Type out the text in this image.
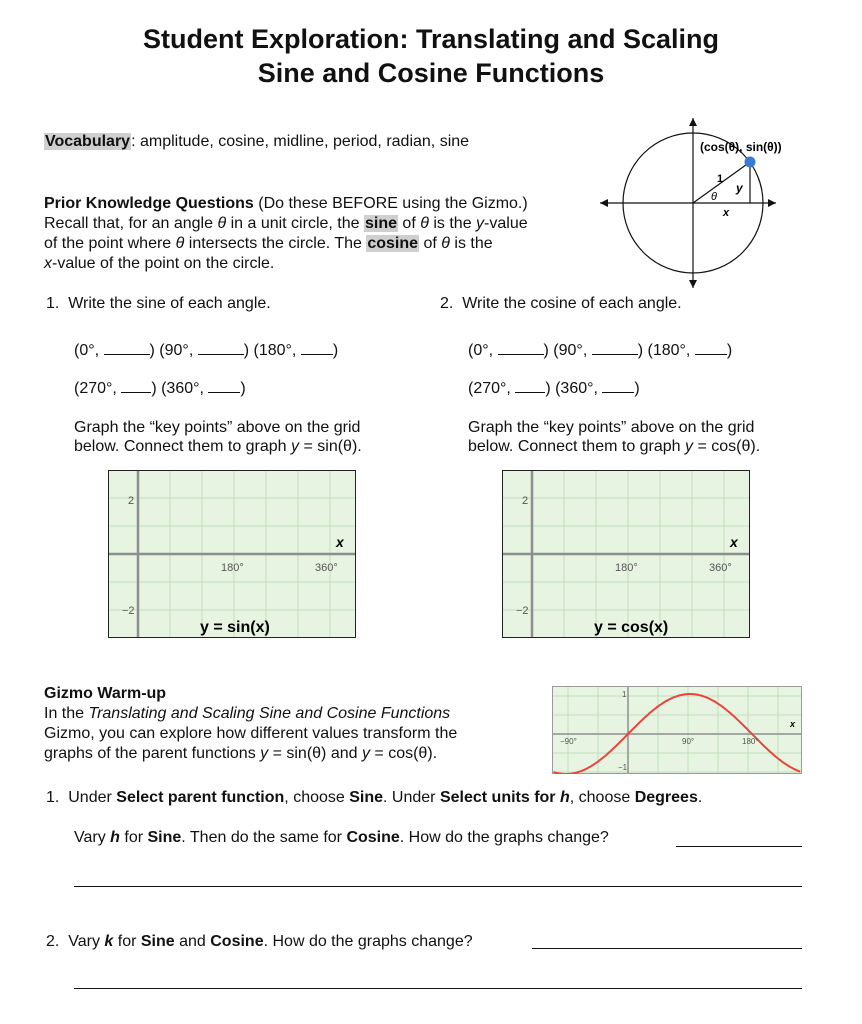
Student Exploration: Translating and Scaling
Sine and Cosine Functions
Vocabulary: amplitude, cosine, midline, period, radian, sine	(cos(θ), sin(θ))
1
y
θ
x
Prior Knowledge Questions (Do these BEFORE using the Gizmo.)
Recall that, for an angle θ in a unit circle, the sine of θ is the y-value
of the point where θ intersects the circle. The cosine of θ is the
x-value of the point on the circle.
1. Write the sine of each angle.
(0°,	) (90°,	) (180°, )
(270°, ) (360°, )
Graph the “key points” above on the grid
below. Connect them to graph y = sin(θ).
2. Write the cosine of each angle.
(0°,	) (90°,	) (180°, )
(270°, ) (360°, )
Graph the “key points” above on the grid
below. Connect them to graph y = cos(θ).
2
−2
180°	360°
x
y = sin(x)
2
−2
180°	360°
x
y = cos(x)
Gizmo Warm-up
In the Translating and Scaling Sine and Cosine Functions
Gizmo, you can explore how different values transform the
graphs of the parent functions y = sin(θ) and y = cos(θ).
−90°	90°	180°
1
−1
x
1. Under Select parent function, choose Sine. Under Select units for h, choose Degrees.
Vary h for Sine. Then do the same for Cosine. How do the graphs change?
2. Vary k for Sine and Cosine. How do the graphs change?
